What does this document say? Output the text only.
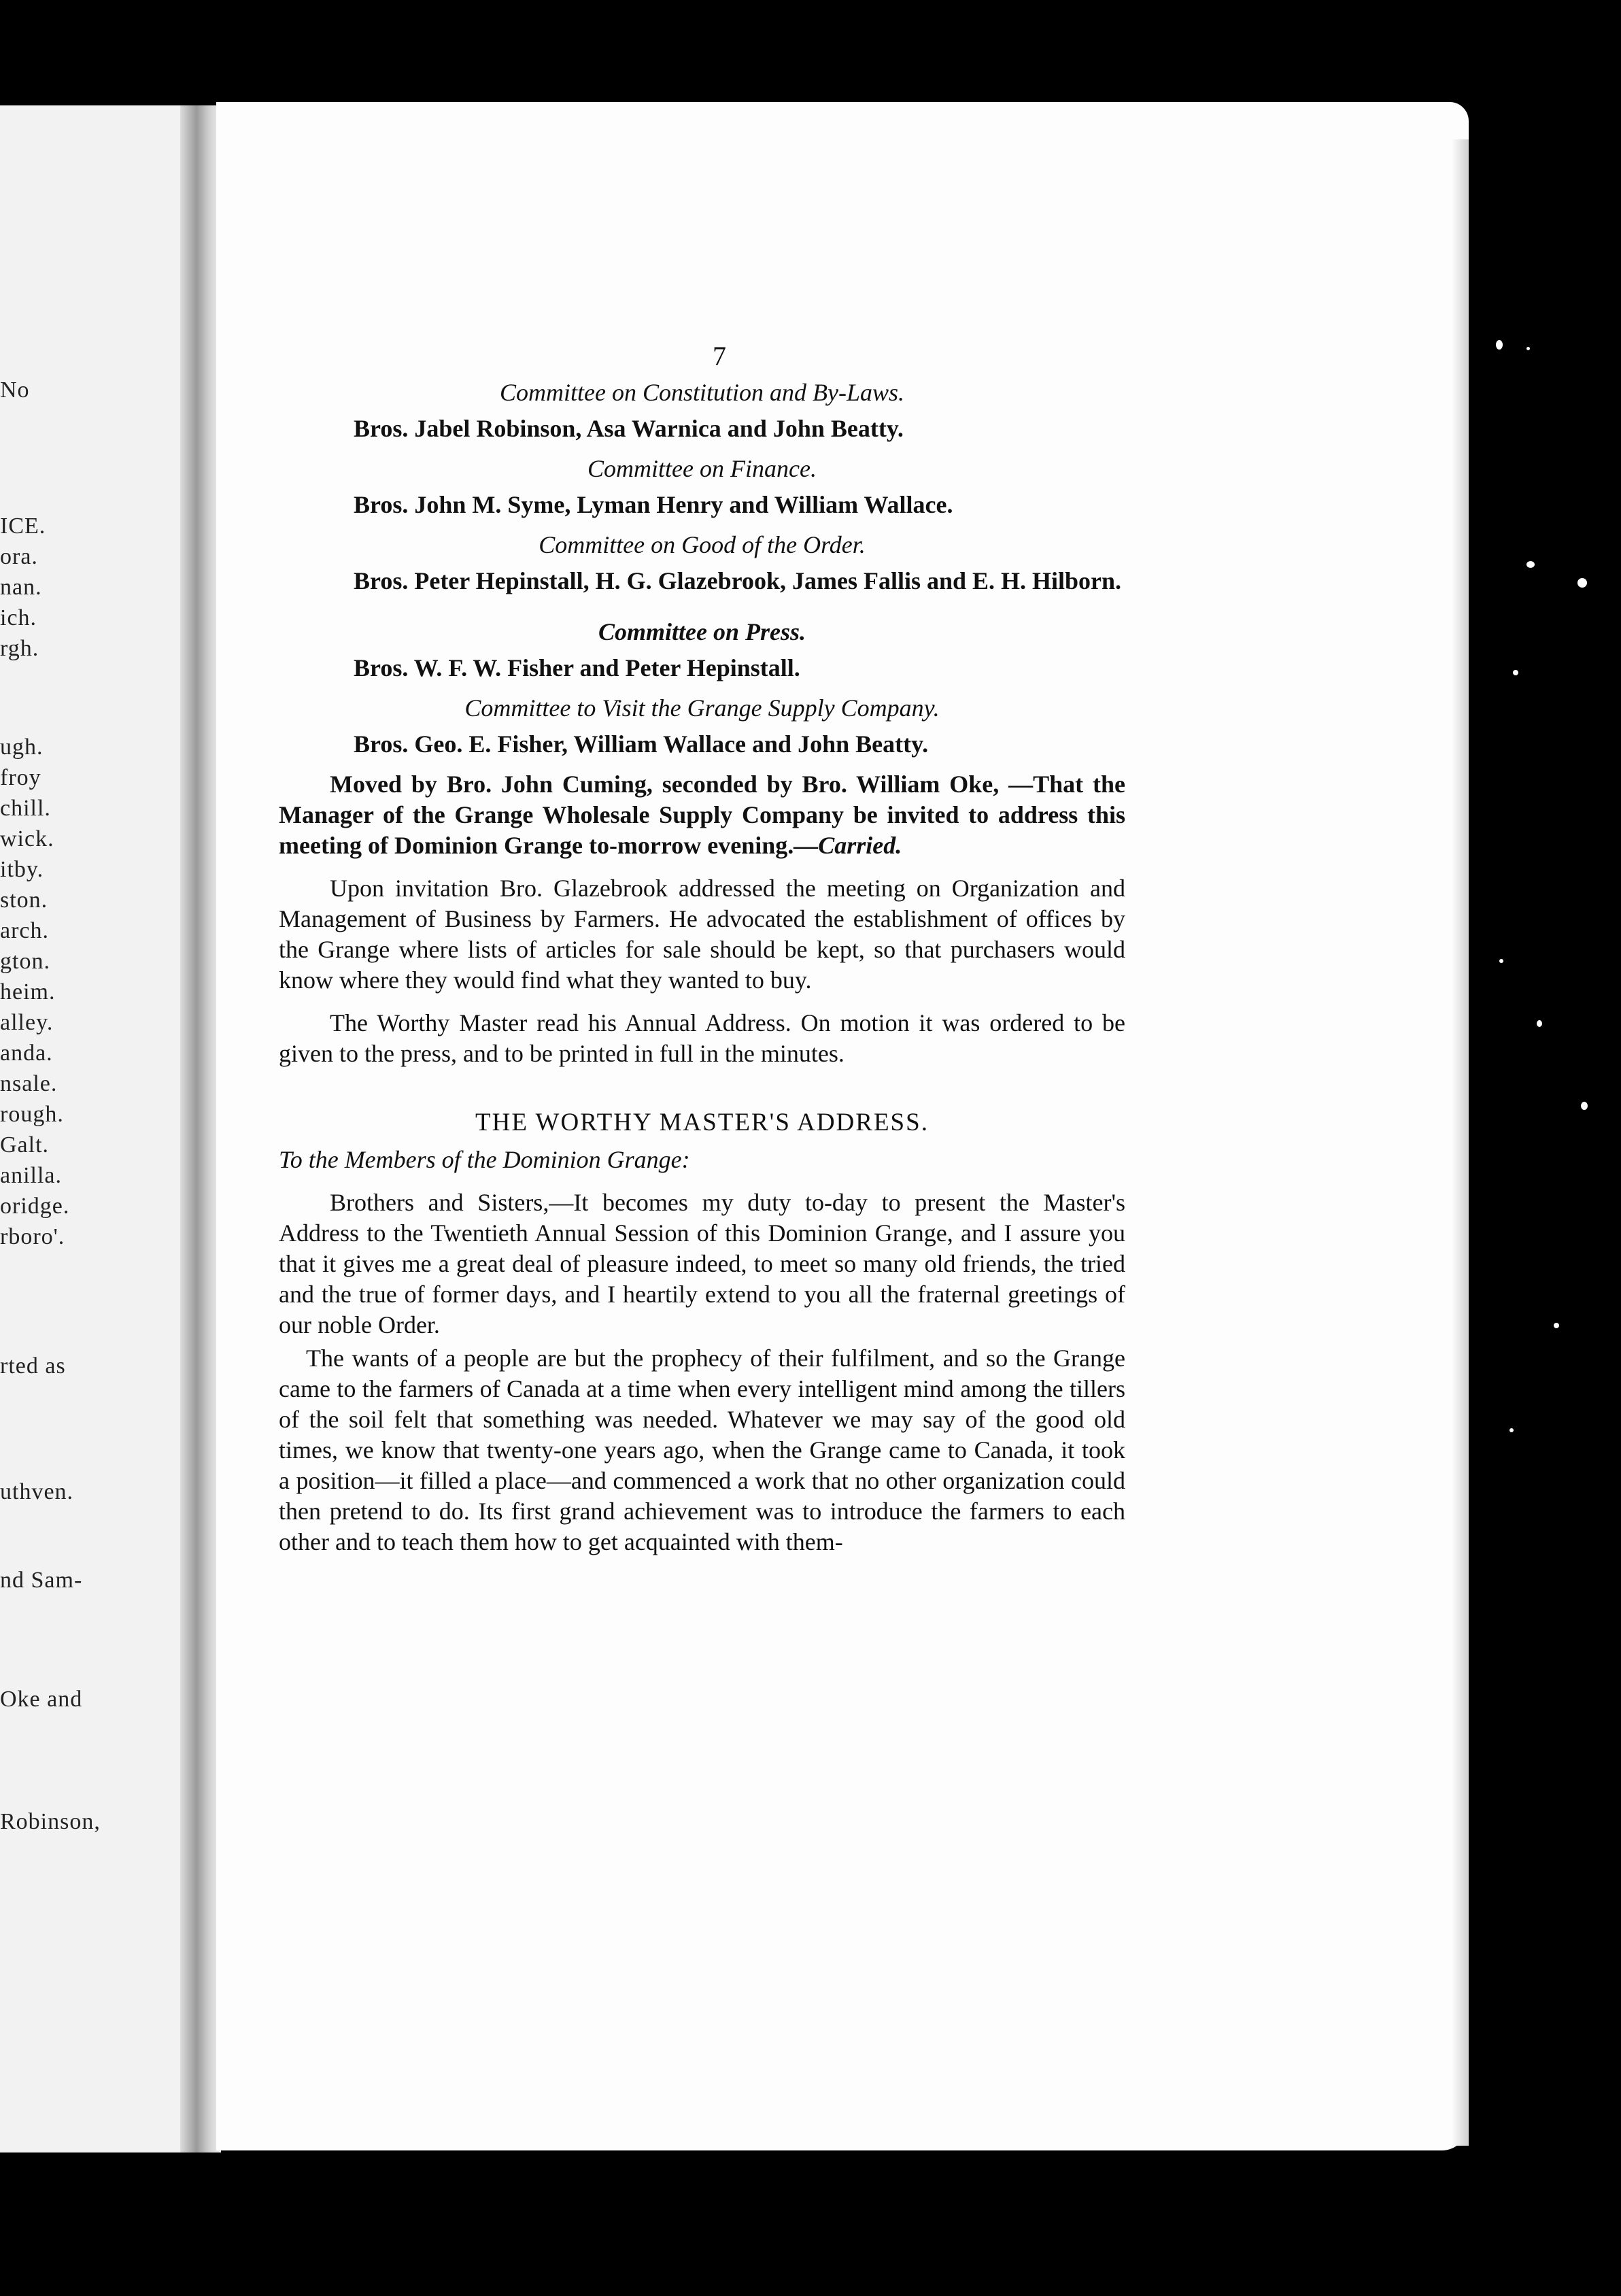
No
ICE.
ora.
nan.
ich.
rgh.
ugh.
froy
chill.
wick.
itby.
ston.
arch.
gton.
heim.
alley.
anda.
nsale.
rough.
Galt.
anilla.
oridge.
rboro'.
rted as
uthven.
nd Sam-
Oke and
Robinson,
7

Committee on Constitution and By-Laws.

Bros. Jabel Robinson, Asa Warnica and John Beatty.

Committee on Finance.

Bros. John M. Syme, Lyman Henry and William Wallace.

Committee on Good of the Order.

Bros. Peter Hepinstall, H. G. Glazebrook, James Fallis and E. H. Hilborn.

Committee on Press.

Bros. W. F. W. Fisher and Peter Hepinstall.

Committee to Visit the Grange Supply Company.

Bros. Geo. E. Fisher, William Wallace and John Beatty.

Moved by Bro. John Cuming, seconded by Bro. William Oke, —That the Manager of the Grange Wholesale Supply Company be invited to address this meeting of Dominion Grange to-morrow evening.—Carried.

Upon invitation Bro. Glazebrook addressed the meeting on Organization and Management of Business by Farmers. He advocated the establishment of offices by the Grange where lists of articles for sale should be kept, so that purchasers would know where they would find what they wanted to buy.

The Worthy Master read his Annual Address. On motion it was ordered to be given to the press, and to be printed in full in the minutes.

THE WORTHY MASTER'S ADDRESS.

To the Members of the Dominion Grange:

Brothers and Sisters,—It becomes my duty to-day to present the Master's Address to the Twentieth Annual Session of this Dominion Grange, and I assure you that it gives me a great deal of pleasure indeed, to meet so many old friends, the tried and the true of former days, and I heartily extend to you all the fraternal greetings of our noble Order.

The wants of a people are but the prophecy of their fulfilment, and so the Grange came to the farmers of Canada at a time when every intelligent mind among the tillers of the soil felt that something was needed. Whatever we may say of the good old times, we know that twenty-one years ago, when the Grange came to Canada, it took a position—it filled a place—and commenced a work that no other organization could then pretend to do. Its first grand achievement was to introduce the farmers to each other and to teach them how to get acquainted with them-
